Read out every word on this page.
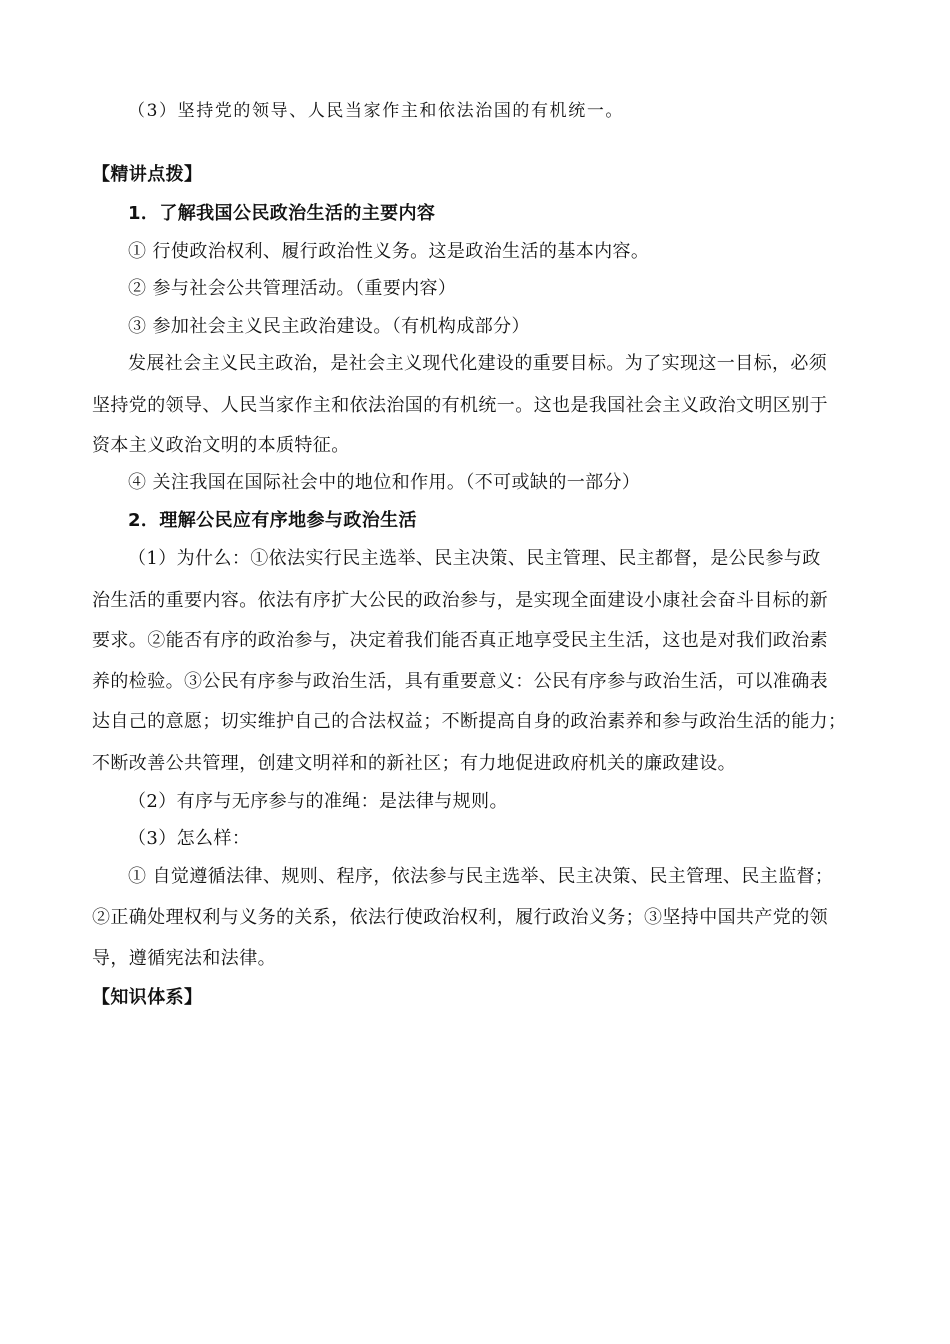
（3）坚持党的领导、人民当家作主和依法治国的有机统一。
【精讲点拨】
1．了解我国公民政治生活的主要内容
① 行使政治权利、履行政治性义务。这是政治生活的基本内容。
② 参与社会公共管理活动。（重要内容）
③ 参加社会主义民主政治建设。（有机构成部分）
发展社会主义民主政治，是社会主义现代化建设的重要目标。为了实现这一目标，必须
坚持党的领导、人民当家作主和依法治国的有机统一。这也是我国社会主义政治文明区别于
资本主义政治文明的本质特征。
④ 关注我国在国际社会中的地位和作用。（不可或缺的一部分）
2．理解公民应有序地参与政治生活
（1）为什么：①依法实行民主选举、民主决策、民主管理、民主都督，是公民参与政
治生活的重要内容。依法有序扩大公民的政治参与，是实现全面建设小康社会奋斗目标的新
要求。②能否有序的政治参与，决定着我们能否真正地享受民主生活，这也是对我们政治素
养的检验。③公民有序参与政治生活，具有重要意义：公民有序参与政治生活，可以准确表
达自己的意愿；切实维护自己的合法权益；不断提高自身的政治素养和参与政治生活的能力；
不断改善公共管理，创建文明祥和的新社区；有力地促进政府机关的廉政建设。
（2）有序与无序参与的准绳：是法律与规则。
（3）怎么样：
① 自觉遵循法律、规则、程序，依法参与民主选举、民主决策、民主管理、民主监督；
②正确处理权利与义务的关系，依法行使政治权利，履行政治义务；③坚持中国共产党的领
导，遵循宪法和法律。
【知识体系】
